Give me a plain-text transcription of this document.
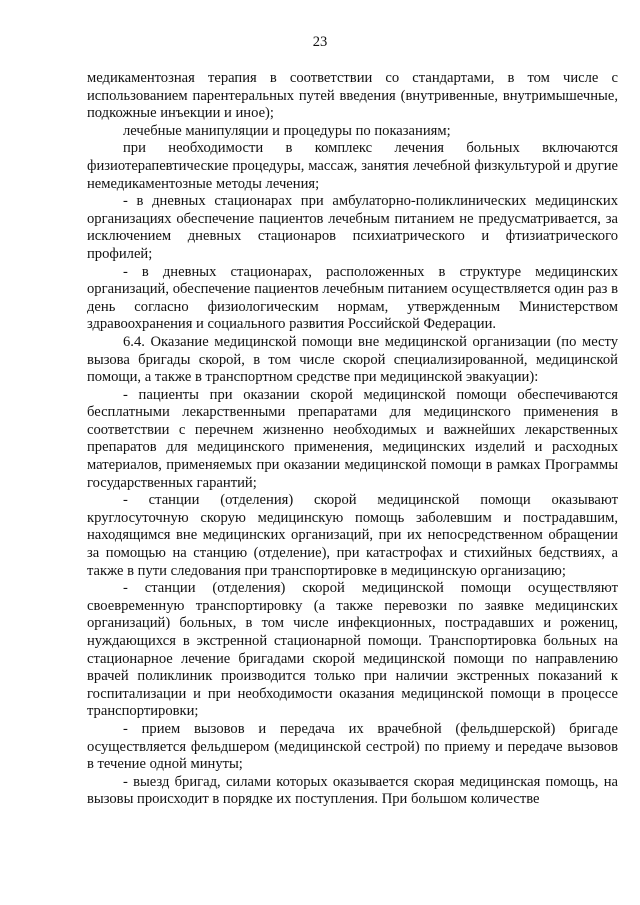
23

медикаментозная терапия в соответствии со стандартами, в том числе с использованием парентеральных путей введения (внутривенные, внутримышечные, подкожные инъекции и иное);

лечебные манипуляции и процедуры по показаниям;

при необходимости в комплекс лечения больных включаются физиотерапевтические процедуры, массаж, занятия лечебной физкультурой и другие немедикаментозные методы лечения;

- в дневных стационарах при амбулаторно-поликлинических медицинских организациях обеспечение пациентов лечебным питанием не предусматривается, за исключением дневных стационаров психиатрического и фтизиатрического профилей;

- в дневных стационарах, расположенных в структуре медицинских организаций, обеспечение пациентов лечебным питанием осуществляется один раз в день согласно физиологическим нормам, утвержденным Министерством здравоохранения и социального развития Российской Федерации.

6.4. Оказание медицинской помощи вне медицинской организации (по месту вызова бригады скорой, в том числе скорой специализированной, медицинской помощи, а также в транспортном средстве при медицинской эвакуации):

- пациенты при оказании скорой медицинской помощи обеспечиваются бесплатными лекарственными препаратами для медицинского применения в соответствии с перечнем жизненно необходимых и важнейших лекарственных препаратов для медицинского применения, медицинских изделий и расходных материалов, применяемых при оказании медицинской помощи в рамках Программы государственных гарантий;

- станции (отделения) скорой медицинской помощи оказывают круглосуточную скорую медицинскую помощь заболевшим и пострадавшим, находящимся вне медицинских организаций, при их непосредственном обращении за помощью на станцию (отделение), при катастрофах и стихийных бедствиях, а также в пути следования при транспортировке в медицинскую организацию;

- станции (отделения) скорой медицинской помощи осуществляют своевременную транспортировку (а также перевозки по заявке медицинских организаций) больных, в том числе инфекционных, пострадавших и рожениц, нуждающихся в экстренной стационарной помощи. Транспортировка больных на стационарное лечение бригадами скорой медицинской помощи по направлению врачей поликлиник производится только при наличии экстренных показаний к госпитализации и при необходимости оказания медицинской помощи в процессе транспортировки;

- прием вызовов и передача их врачебной (фельдшерской) бригаде осуществляется фельдшером (медицинской сестрой) по приему и передаче вызовов в течение одной минуты;

- выезд бригад, силами которых оказывается скорая медицинская помощь, на вызовы происходит в порядке их поступления. При большом количестве
